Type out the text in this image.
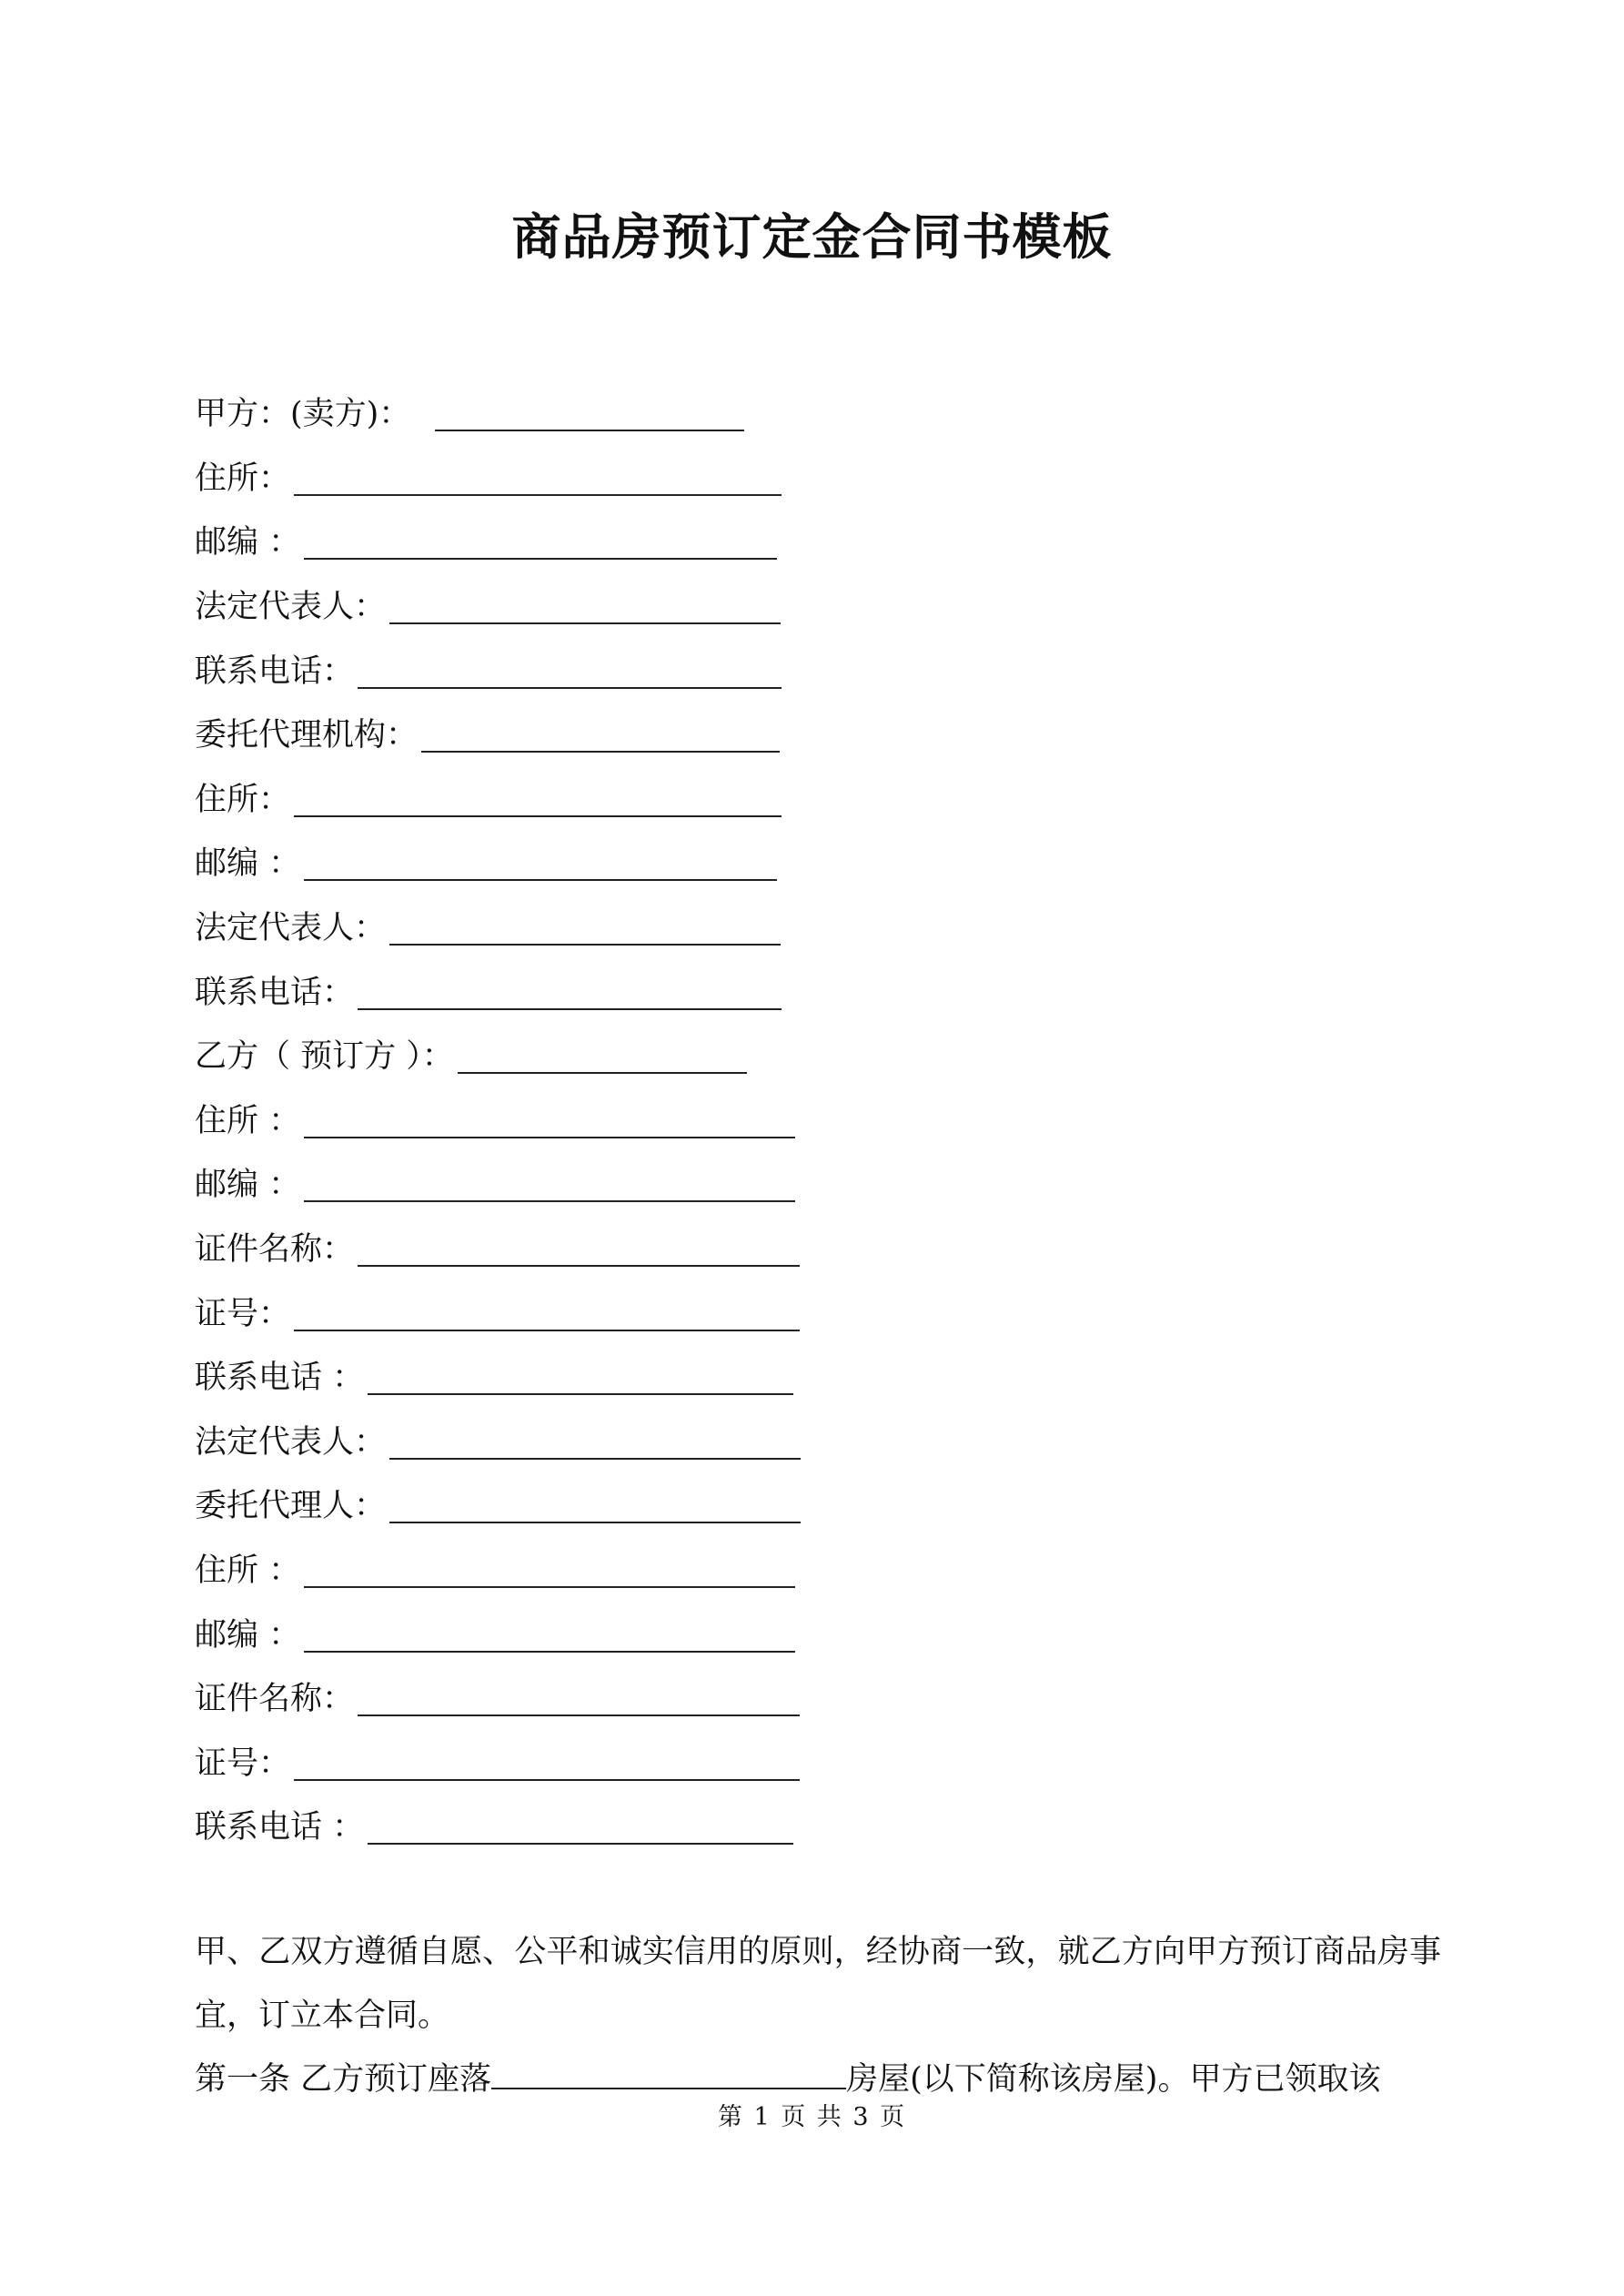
商品房预订定金合同书模板
甲方：(卖方)：
住所：
邮编 ：
法定代表人：
联系电话：
委托代理机构：
住所：
邮编 ：
法定代表人：
联系电话：
乙方（ 预订方 ）：
住所 ：
邮编 ：
证件名称：
证号：
联系电话 ：
法定代表人：
委托代理人：
住所 ：
邮编 ：
证件名称：
证号：
联系电话 ：

甲、乙双方遵循自愿、公平和诚实信用的原则，经协商一致，就乙方向甲方预订商品房事宜，订立本合同。

第一条 乙方预订座落	房屋(以下简称该房屋)。甲方已领取该

第 1 页 共 3 页
